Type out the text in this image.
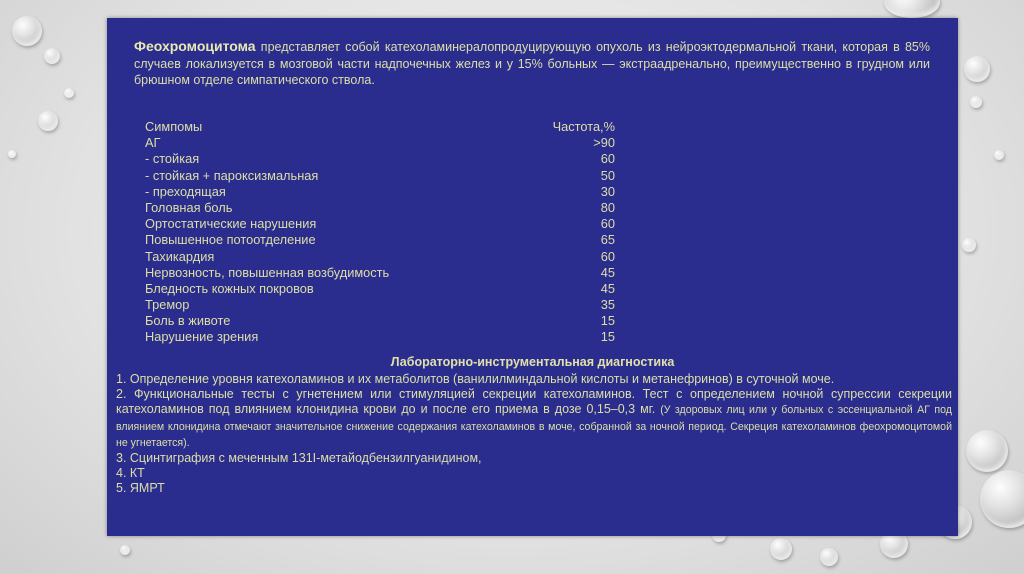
Феохромоцитома представляет собой катехоламинералопродуцирующую опухоль из нейроэктодермальной ткани, которая в 85% случаев локализуется в мозговой части надпочечных желез и у 15% больных — экстраадренально, преимущественно в грудном или брюшном отделе симпатического ствола.
Симпомы	Частота,%
АГ	>90
- стойкая	60
- стойкая + пароксизмальная	50
- преходящая	30
Головная боль	80
Ортостатические нарушения	60
Повышенное потоотделение	65
Тахикардия	60
Нервозность, повышенная возбудимость	45
Бледность кожных покровов	45
Тремор	35
Боль в животе	15
Нарушение зрения	15
Лабораторно-инструментальная диагностика

1. Определение уровня катехоламинов и их метаболитов (ванилилминдальной кислоты и метанефринов) в суточной моче.

2. Функциональные тесты с угнетением или стимуляцией секреции катехоламинов. Тест с определением ночной супрессии секреции катехоламинов под влиянием клонидина крови до и после его приема в дозе 0,15–0,3 мг. (У здоровых лиц или у больных с эссенциальной АГ под влиянием клонидина отмечают значительное снижение содержания катехоламинов в моче, собранной за ночной период. Секреция катехоламинов феохромоцитомой не угнетается).

3. Сцинтиграфия с меченным 131I-метайодбензилгуанидином,

4. КТ

5. ЯМРТ
